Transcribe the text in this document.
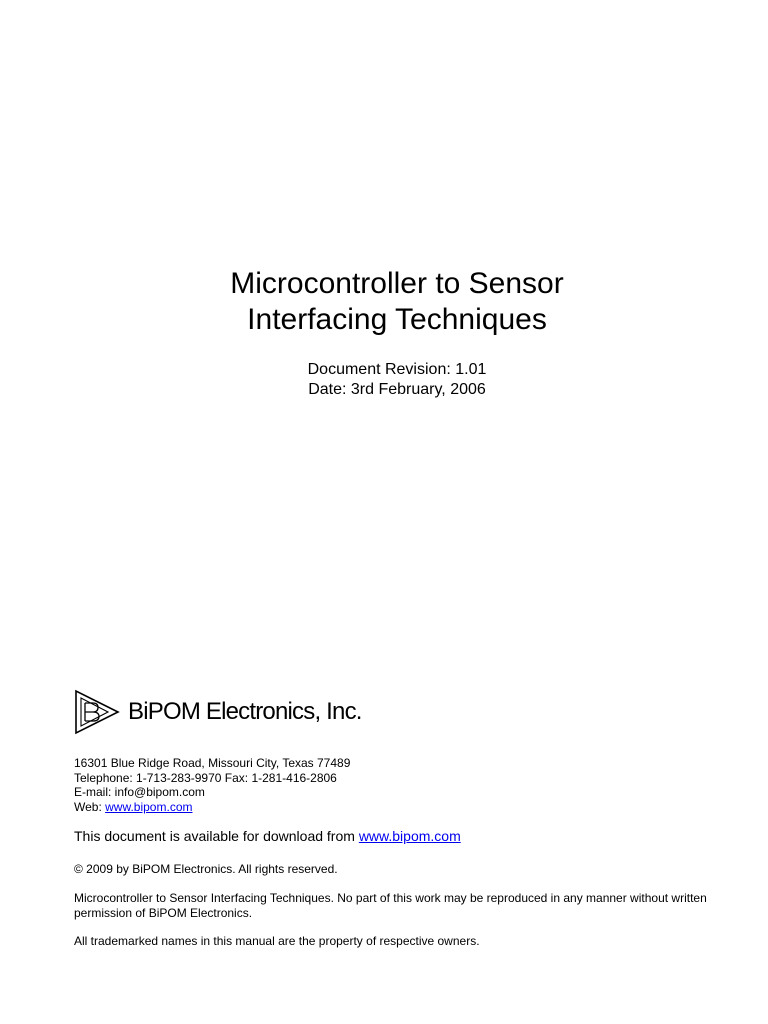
Microcontroller to Sensor

Interfacing Techniques

Document Revision: 1.01
Date: 3rd February, 2006
BiPOM Electronics, Inc.
16301 Blue Ridge Road, Missouri City, Texas 77489
Telephone: 1-713-283-9970 Fax: 1-281-416-2806
E-mail: info@bipom.com
Web: www.bipom.com
This document is available for download from www.bipom.com
© 2009 by BiPOM Electronics. All rights reserved.
Microcontroller to Sensor Interfacing Techniques. No part of this work may be reproduced in any manner without written permission of BiPOM Electronics.
All trademarked names in this manual are the property of respective owners.
